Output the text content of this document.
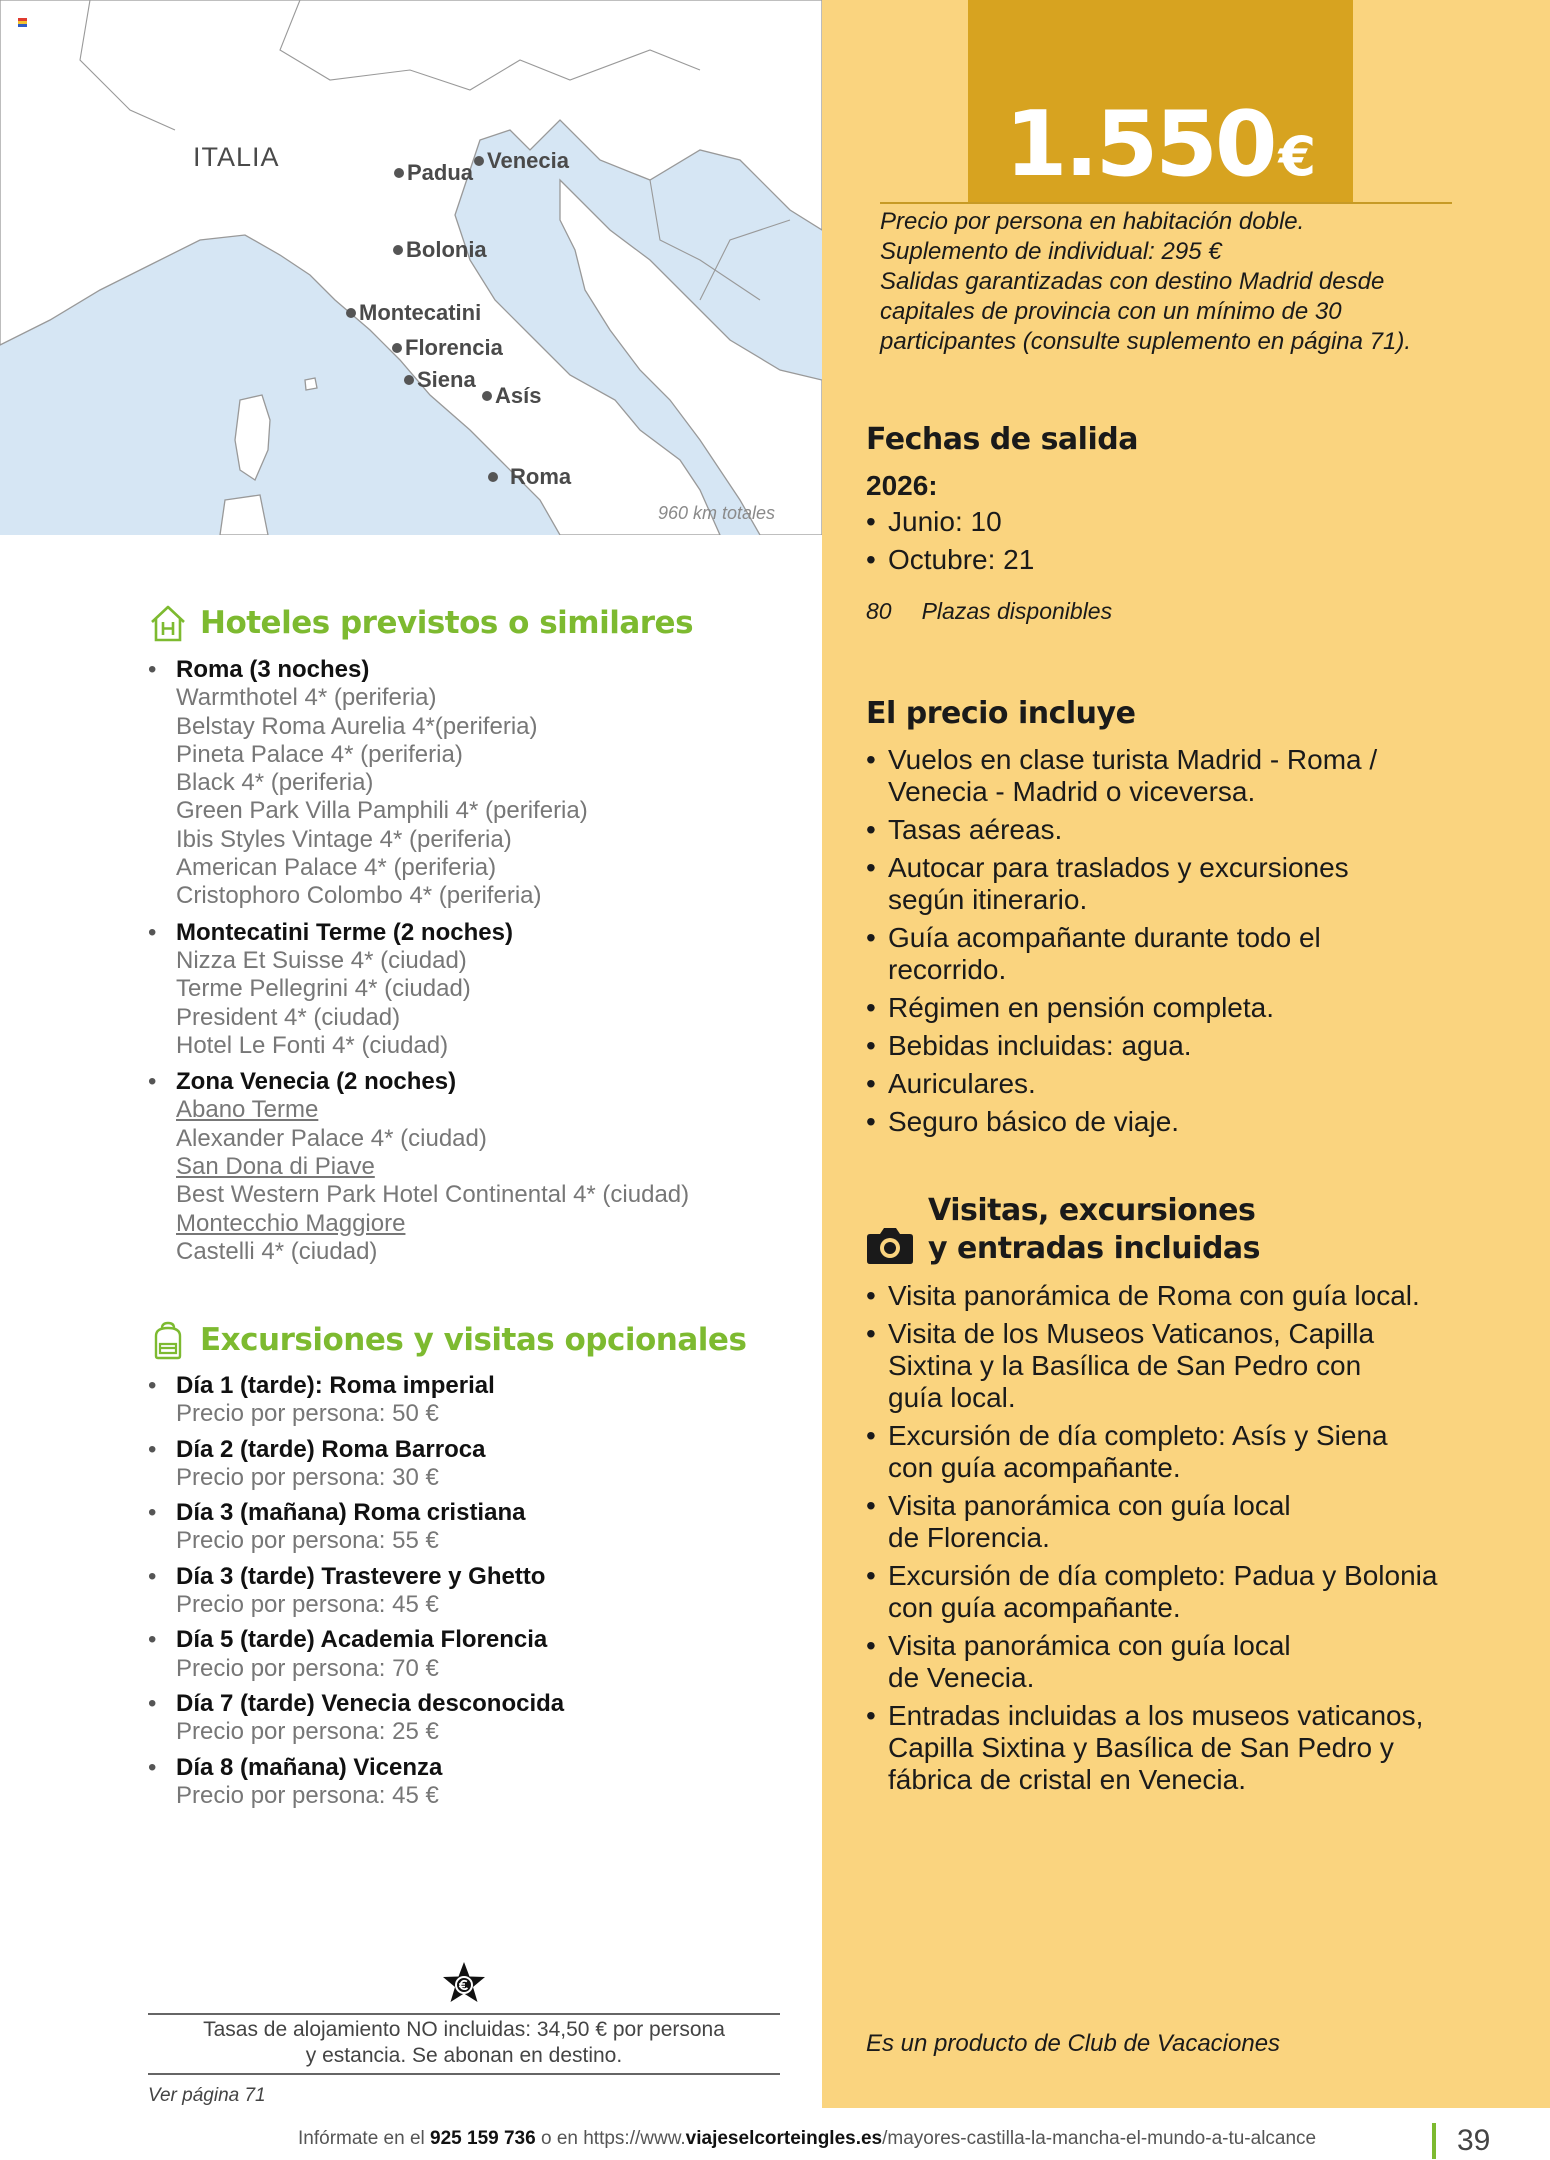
ITALIA
Padua Venecia
Bolonia
Montecatini
Florencia
Siena
Asís
Roma
960 km totales
1.550€
Precio por persona en habitación doble.
Suplemento de individual: 295 €
Salidas garantizadas con destino Madrid desde
capitales de provincia con un mínimo de 30
participantes (consulte suplemento en página 71).
Fechas de salida
2026:
• Junio: 10
• Octubre: 21
80 Plazas disponibles
El precio incluye
• Vuelos en clase turista Madrid - Roma / Venecia - Madrid o viceversa.
• Tasas aéreas.
• Autocar para traslados y excursiones según itinerario.
• Guía acompañante durante todo el recorrido.
• Régimen en pensión completa.
• Bebidas incluidas: agua.
• Auriculares.
• Seguro básico de viaje.
Visitas, excursiones
y entradas incluidas
• Visita panorámica de Roma con guía local.
• Visita de los Museos Vaticanos, Capilla Sixtina y la Basílica de San Pedro con guía local.
• Excursión de día completo: Asís y Siena con guía acompañante.
• Visita panorámica con guía local de Florencia.
• Excursión de día completo: Padua y Bolonia con guía acompañante.
• Visita panorámica con guía local de Venecia.
• Entradas incluidas a los museos vaticanos, Capilla Sixtina y Basílica de San Pedro y fábrica de cristal en Venecia.
Es un producto de Club de Vacaciones
Hoteles previstos o similares
• Roma (3 noches)
Warmthotel 4* (periferia)
Belstay Roma Aurelia 4*(periferia)
Pineta Palace 4* (periferia)
Black 4* (periferia)
Green Park Villa Pamphili 4* (periferia)
Ibis Styles Vintage 4* (periferia)
American Palace 4* (periferia)
Cristophoro Colombo 4* (periferia)
• Montecatini Terme (2 noches)
Nizza Et Suisse 4* (ciudad)
Terme Pellegrini 4* (ciudad)
President 4* (ciudad)
Hotel Le Fonti 4* (ciudad)
• Zona Venecia (2 noches)
Abano Terme
Alexander Palace 4* (ciudad)
San Dona di Piave
Best Western Park Hotel Continental 4* (ciudad)
Montecchio Maggiore
Castelli 4* (ciudad)
Excursiones y visitas opcionales
• Día 1 (tarde): Roma imperial
Precio por persona: 50 €
• Día 2 (tarde) Roma Barroca
Precio por persona: 30 €
• Día 3 (mañana) Roma cristiana
Precio por persona: 55 €
• Día 3 (tarde) Trastevere y Ghetto
Precio por persona: 45 €
• Día 5 (tarde) Academia Florencia
Precio por persona: 70 €
• Día 7 (tarde) Venecia desconocida
Precio por persona: 25 €
• Día 8 (mañana) Vicenza
Precio por persona: 45 €
Tasas de alojamiento NO incluidas: 34,50 € por persona
y estancia. Se abonan en destino.
Ver página 71
Infórmate en el 925 159 736 o en https://www.viajeselcorteingles.es/mayores-castilla-la-mancha-el-mundo-a-tu-alcance	39
